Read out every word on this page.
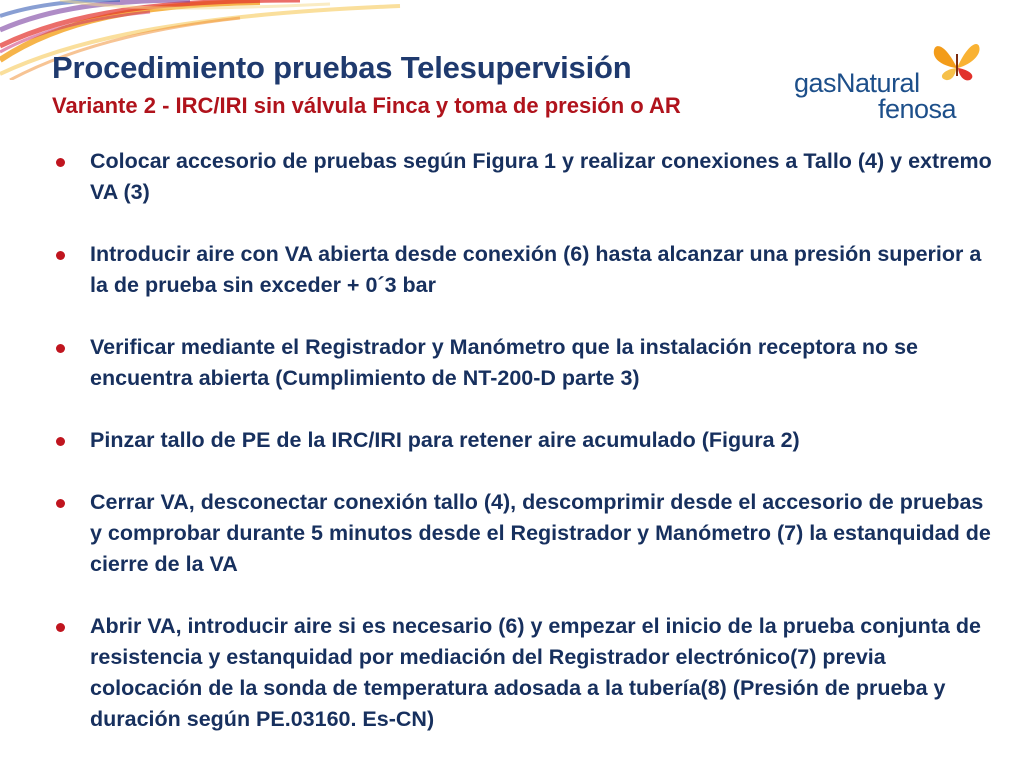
Procedimiento pruebas Telesupervisión
Variante 2 - IRC/IRI sin válvula Finca y toma de presión o AR
gasNatural
fenosa
Colocar accesorio de pruebas según Figura 1 y realizar conexiones a Tallo (4) y extremo VA (3)
Introducir aire con VA abierta desde conexión (6) hasta alcanzar una presión superior a la de prueba sin exceder + 0´3 bar
Verificar mediante el Registrador y Manómetro que la instalación receptora no se encuentra abierta (Cumplimiento de NT-200-D parte 3)
Pinzar tallo de PE de la IRC/IRI para retener aire acumulado (Figura 2)
Cerrar VA, desconectar conexión tallo (4), descomprimir desde el accesorio de pruebas y comprobar durante 5 minutos desde el Registrador y Manómetro (7) la estanquidad de cierre de la VA
Abrir VA, introducir aire si es necesario (6) y empezar el inicio de la prueba conjunta de resistencia y estanquidad por mediación del Registrador electrónico(7) previa colocación de la sonda de temperatura adosada a la tubería(8) (Presión de prueba y duración según PE.03160. Es-CN)
